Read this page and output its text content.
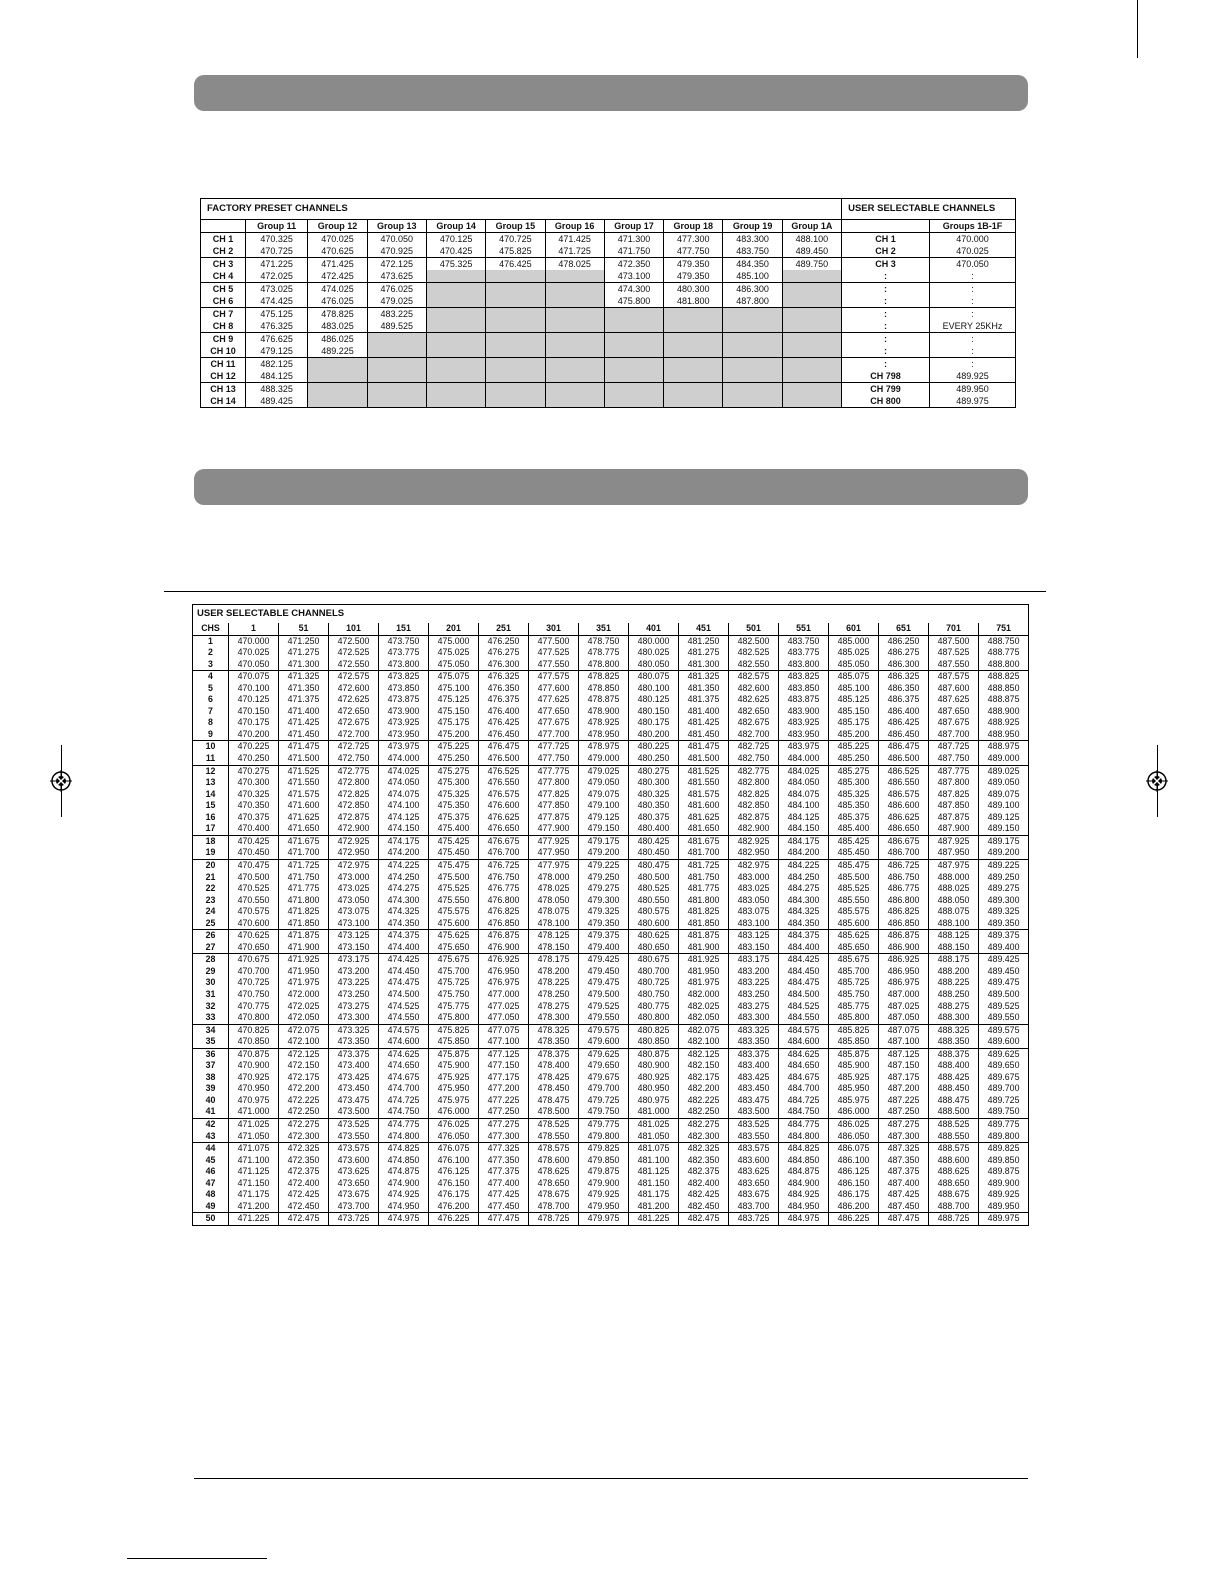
FACTORY PRESET CHANNELS											USER SELECTABLE CHANNELS	
	Group 11	Group 12	Group 13	Group 14	Group 15	Group 16	Group 17	Group 18	Group 19	Group 1A		Groups 1B-1F
CH 1	470.325	470.025	470.050	470.125	470.725	471.425	471.300	477.300	483.300	488.100	CH 1	470.000
CH 2	470.725	470.625	470.925	470.425	475.825	471.725	471.750	477.750	483.750	489.450	CH 2	470.025
CH 3	471.225	471.425	472.125	475.325	476.425	478.025	472.350	479.350	484.350	489.750	CH 3	470.050
CH 4	472.025	472.425	473.625				473.100	479.350	485.100		:	:
CH 5	473.025	474.025	476.025				474.300	480.300	486.300		:	:
CH 6	474.425	476.025	479.025				475.800	481.800	487.800		:	:
CH 7	475.125	478.825	483.225								:	:
CH 8	476.325	483.025	489.525								:	EVERY 25KHz
CH 9	476.625	486.025									:	:
CH 10	479.125	489.225									:	:
CH 11	482.125										:	:
CH 12	484.125										CH 798	489.925
CH 13	488.325										CH 799	489.950
CH 14	489.425										CH 800	489.975
USER SELECTABLE CHANNELS																
CHS	1	51	101	151	201	251	301	351	401	451	501	551	601	651	701	751
1	470.000	471.250	472.500	473.750	475.000	476.250	477.500	478.750	480.000	481.250	482.500	483.750	485.000	486.250	487.500	488.750
2	470.025	471.275	472.525	473.775	475.025	476.275	477.525	478.775	480.025	481.275	482.525	483.775	485.025	486.275	487.525	488.775
3	470.050	471.300	472.550	473.800	475.050	476.300	477.550	478.800	480.050	481.300	482.550	483.800	485.050	486.300	487.550	488.800
4	470.075	471.325	472.575	473.825	475.075	476.325	477.575	478.825	480.075	481.325	482.575	483.825	485.075	486.325	487.575	488.825
5	470.100	471.350	472.600	473.850	475.100	476.350	477.600	478.850	480.100	481.350	482.600	483.850	485.100	486.350	487.600	488.850
6	470.125	471.375	472.625	473.875	475.125	476.375	477.625	478.875	480.125	481.375	482.625	483.875	485.125	486.375	487.625	488.875
7	470.150	471.400	472.650	473.900	475.150	476.400	477.650	478.900	480.150	481.400	482.650	483.900	485.150	486.400	487.650	488.900
8	470.175	471.425	472.675	473.925	475.175	476.425	477.675	478.925	480.175	481.425	482.675	483.925	485.175	486.425	487.675	488.925
9	470.200	471.450	472.700	473.950	475.200	476.450	477.700	478.950	480.200	481.450	482.700	483.950	485.200	486.450	487.700	488.950
10	470.225	471.475	472.725	473.975	475.225	476.475	477.725	478.975	480.225	481.475	482.725	483.975	485.225	486.475	487.725	488.975
11	470.250	471.500	472.750	474.000	475.250	476.500	477.750	479.000	480.250	481.500	482.750	484.000	485.250	486.500	487.750	489.000
12	470.275	471.525	472.775	474.025	475.275	476.525	477.775	479.025	480.275	481.525	482.775	484.025	485.275	486.525	487.775	489.025
13	470.300	471.550	472.800	474.050	475.300	476.550	477.800	479.050	480.300	481.550	482.800	484.050	485.300	486.550	487.800	489.050
14	470.325	471.575	472.825	474.075	475.325	476.575	477.825	479.075	480.325	481.575	482.825	484.075	485.325	486.575	487.825	489.075
15	470.350	471.600	472.850	474.100	475.350	476.600	477.850	479.100	480.350	481.600	482.850	484.100	485.350	486.600	487.850	489.100
16	470.375	471.625	472.875	474.125	475.375	476.625	477.875	479.125	480.375	481.625	482.875	484.125	485.375	486.625	487.875	489.125
17	470.400	471.650	472.900	474.150	475.400	476.650	477.900	479.150	480.400	481.650	482.900	484.150	485.400	486.650	487.900	489.150
18	470.425	471.675	472.925	474.175	475.425	476.675	477.925	479.175	480.425	481.675	482.925	484.175	485.425	486.675	487.925	489.175
19	470.450	471.700	472.950	474.200	475.450	476.700	477.950	479.200	480.450	481.700	482.950	484.200	485.450	486.700	487.950	489.200
20	470.475	471.725	472.975	474.225	475.475	476.725	477.975	479.225	480.475	481.725	482.975	484.225	485.475	486.725	487.975	489.225
21	470.500	471.750	473.000	474.250	475.500	476.750	478.000	479.250	480.500	481.750	483.000	484.250	485.500	486.750	488.000	489.250
22	470.525	471.775	473.025	474.275	475.525	476.775	478.025	479.275	480.525	481.775	483.025	484.275	485.525	486.775	488.025	489.275
23	470.550	471.800	473.050	474.300	475.550	476.800	478.050	479.300	480.550	481.800	483.050	484.300	485.550	486.800	488.050	489.300
24	470.575	471.825	473.075	474.325	475.575	476.825	478.075	479.325	480.575	481.825	483.075	484.325	485.575	486.825	488.075	489.325
25	470.600	471.850	473.100	474.350	475.600	476.850	478.100	479.350	480.600	481.850	483.100	484.350	485.600	486.850	488.100	489.350
26	470.625	471.875	473.125	474.375	475.625	476.875	478.125	479.375	480.625	481.875	483.125	484.375	485.625	486.875	488.125	489.375
27	470.650	471.900	473.150	474.400	475.650	476.900	478.150	479.400	480.650	481.900	483.150	484.400	485.650	486.900	488.150	489.400
28	470.675	471.925	473.175	474.425	475.675	476.925	478.175	479.425	480.675	481.925	483.175	484.425	485.675	486.925	488.175	489.425
29	470.700	471.950	473.200	474.450	475.700	476.950	478.200	479.450	480.700	481.950	483.200	484.450	485.700	486.950	488.200	489.450
30	470.725	471.975	473.225	474.475	475.725	476.975	478.225	479.475	480.725	481.975	483.225	484.475	485.725	486.975	488.225	489.475
31	470.750	472.000	473.250	474.500	475.750	477.000	478.250	479.500	480.750	482.000	483.250	484.500	485.750	487.000	488.250	489.500
32	470.775	472.025	473.275	474.525	475.775	477.025	478.275	479.525	480.775	482.025	483.275	484.525	485.775	487.025	488.275	489.525
33	470.800	472.050	473.300	474.550	475.800	477.050	478.300	479.550	480.800	482.050	483.300	484.550	485.800	487.050	488.300	489.550
34	470.825	472.075	473.325	474.575	475.825	477.075	478.325	479.575	480.825	482.075	483.325	484.575	485.825	487.075	488.325	489.575
35	470.850	472.100	473.350	474.600	475.850	477.100	478.350	479.600	480.850	482.100	483.350	484.600	485.850	487.100	488.350	489.600
36	470.875	472.125	473.375	474.625	475.875	477.125	478.375	479.625	480.875	482.125	483.375	484.625	485.875	487.125	488.375	489.625
37	470.900	472.150	473.400	474.650	475.900	477.150	478.400	479.650	480.900	482.150	483.400	484.650	485.900	487.150	488.400	489.650
38	470.925	472.175	473.425	474.675	475.925	477.175	478.425	479.675	480.925	482.175	483.425	484.675	485.925	487.175	488.425	489.675
39	470.950	472.200	473.450	474.700	475.950	477.200	478.450	479.700	480.950	482.200	483.450	484.700	485.950	487.200	488.450	489.700
40	470.975	472.225	473.475	474.725	475.975	477.225	478.475	479.725	480.975	482.225	483.475	484.725	485.975	487.225	488.475	489.725
41	471.000	472.250	473.500	474.750	476.000	477.250	478.500	479.750	481.000	482.250	483.500	484.750	486.000	487.250	488.500	489.750
42	471.025	472.275	473.525	474.775	476.025	477.275	478.525	479.775	481.025	482.275	483.525	484.775	486.025	487.275	488.525	489.775
43	471.050	472.300	473.550	474.800	476.050	477.300	478.550	479.800	481.050	482.300	483.550	484.800	486.050	487.300	488.550	489.800
44	471.075	472.325	473.575	474.825	476.075	477.325	478.575	479.825	481.075	482.325	483.575	484.825	486.075	487.325	488.575	489.825
45	471.100	472.350	473.600	474.850	476.100	477.350	478.600	479.850	481.100	482.350	483.600	484.850	486.100	487.350	488.600	489.850
46	471.125	472.375	473.625	474.875	476.125	477.375	478.625	479.875	481.125	482.375	483.625	484.875	486.125	487.375	488.625	489.875
47	471.150	472.400	473.650	474.900	476.150	477.400	478.650	479.900	481.150	482.400	483.650	484.900	486.150	487.400	488.650	489.900
48	471.175	472.425	473.675	474.925	476.175	477.425	478.675	479.925	481.175	482.425	483.675	484.925	486.175	487.425	488.675	489.925
49	471.200	472.450	473.700	474.950	476.200	477.450	478.700	479.950	481.200	482.450	483.700	484.950	486.200	487.450	488.700	489.950
50	471.225	472.475	473.725	474.975	476.225	477.475	478.725	479.975	481.225	482.475	483.725	484.975	486.225	487.475	488.725	489.975
